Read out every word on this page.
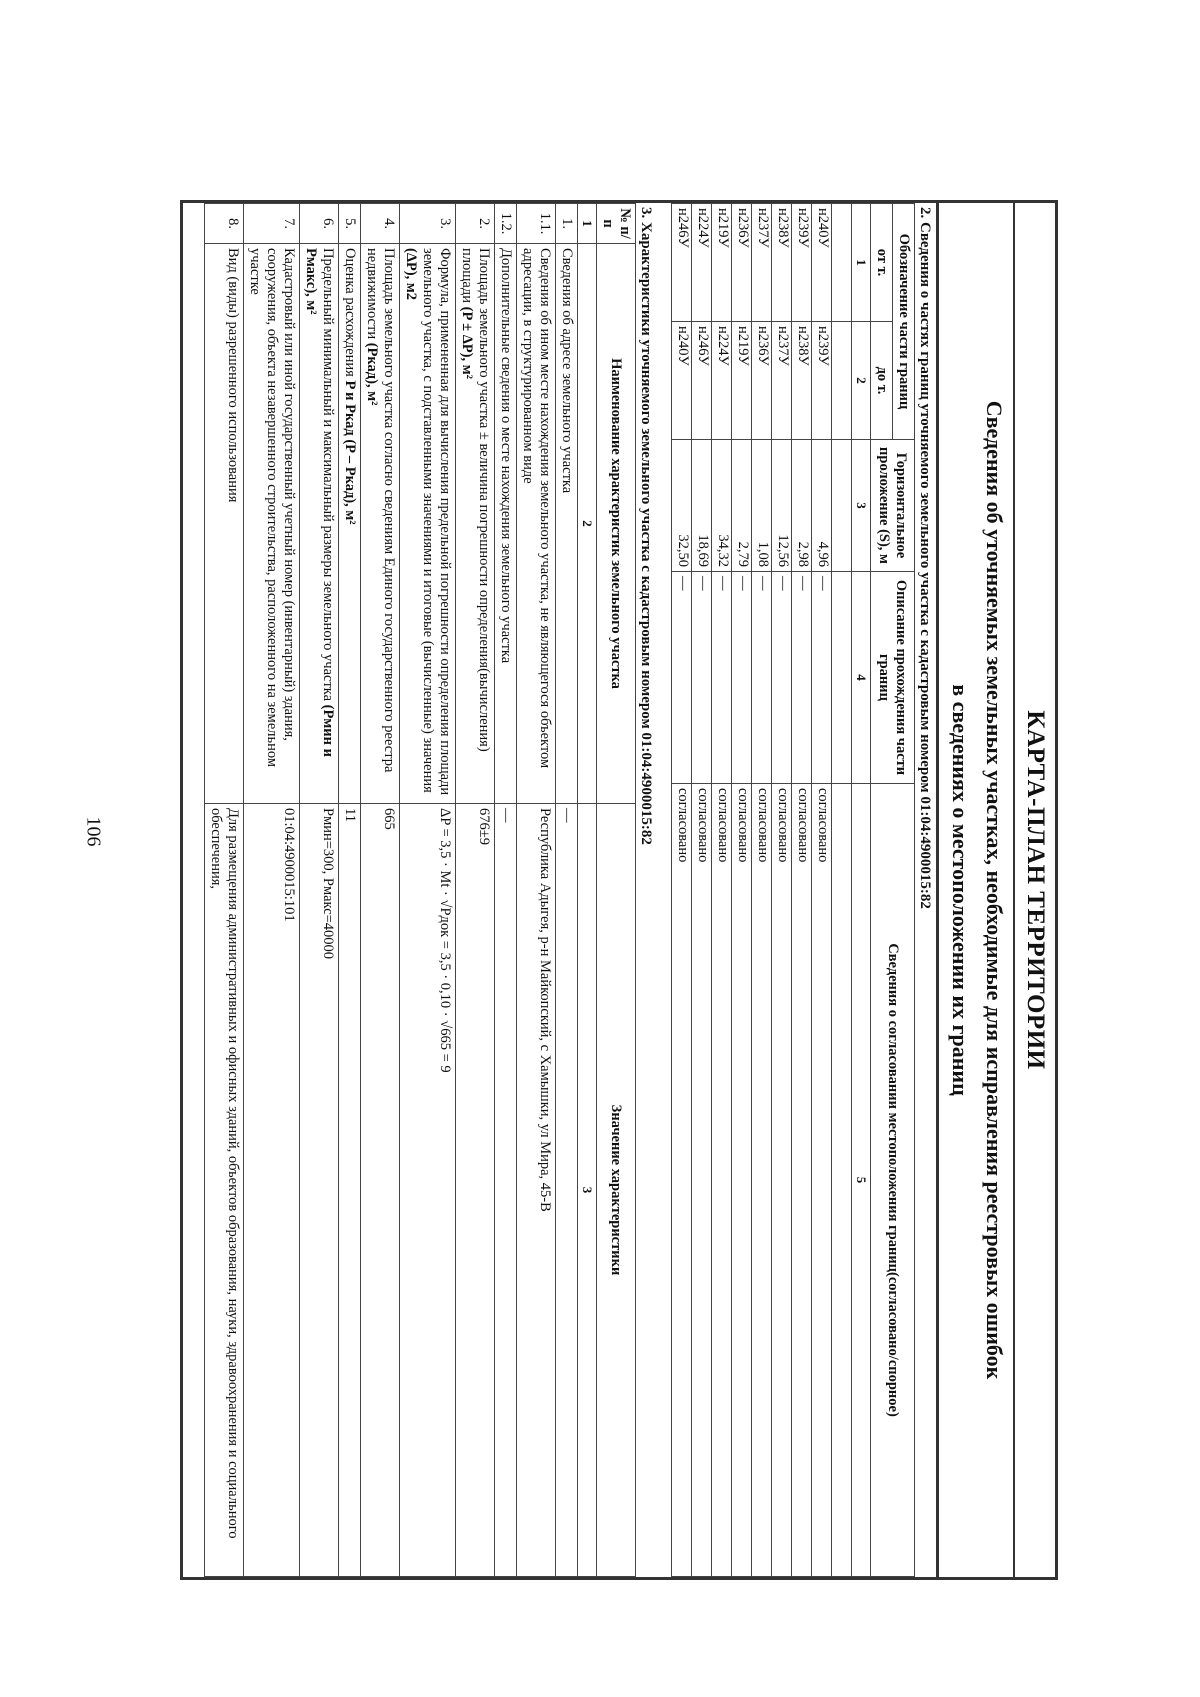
106	КАРТА-ПЛАН ТЕРРИТОРИИ
Сведения об уточняемых земельных участках, необходимые для исправления реестровых ошибок
в сведениях о местоположении их границ
2. Сведения о частях границ уточняемого земельного участка с кадастровым номером 01:04:4900015:82
Обозначение части границ		Горизонтальное проложение (S), м	Описание прохождения части границ	Сведения о согласовании местоположения границ(согласовано/спорное)
от т.	до т.			
1	2	3	4	5

н240У	н239У	4,96	—	согласовано
н239У	н238У	2,98	—	согласовано
н238У	н237У	12,56	—	согласовано
н237У	н236У	1,08	—	согласовано
н236У	н219У	2,79	—	согласовано
н219У	н224У	34,32	—	согласовано
н224У	н246У	18,69	—	согласовано
н246У	н240У	32,50	—	согласовано
3. Характеристики уточняемого земельного участка с кадастровым номером 01:04:4900015:82
№ п/п	Наименование характеристик земельного участка	Значение характеристики
1	2	3
1.	Сведения об адресе земельного участка	—
1.1.	Сведения об ином месте нахождения земельного участка, не являющегося объектом адресации, в структурированном виде	Республика Адыгея, р-н Майкопский, с Хамышки, ул Мира, 45-В
1.2.	Дополнительные сведения о месте нахождения земельного участка	—
2.	Площадь земельного участка ± величина погрешности определения(вычисления) площади (P ± ΔP), м²	676±9
3.	Формула, примененная для вычисления предельной погрешности определения площади земельного участка, с подставленными значениями и итоговые (вычисленные) значения (ΔP), м2	ΔP = 3,5 · Mt · √Pдок = 3,5 · 0,10 · √665 = 9
4.	Площадь земельного участка согласно сведениям Единого государственного реестра недвижимости (Ркад), м²	665
5.	Оценка расхождения P и Pкад (P – Ркад), м²	11
6.	Предельный минимальный и максимальный размеры земельного участка (Рмин и Рмакс), м²	Рмин=300, Рмакс=40000
7.	Кадастровый или иной государственный учетный номер (инвентарный) здания, сооружения, объекта незавершенного строительства, расположенного на земельном участке	01:04:4900015:101
8.	Вид (виды) разрешенного использования	Для размещения административных и офисных зданий, объектов образования, науки, здравоохранения и социального обеспечения,
